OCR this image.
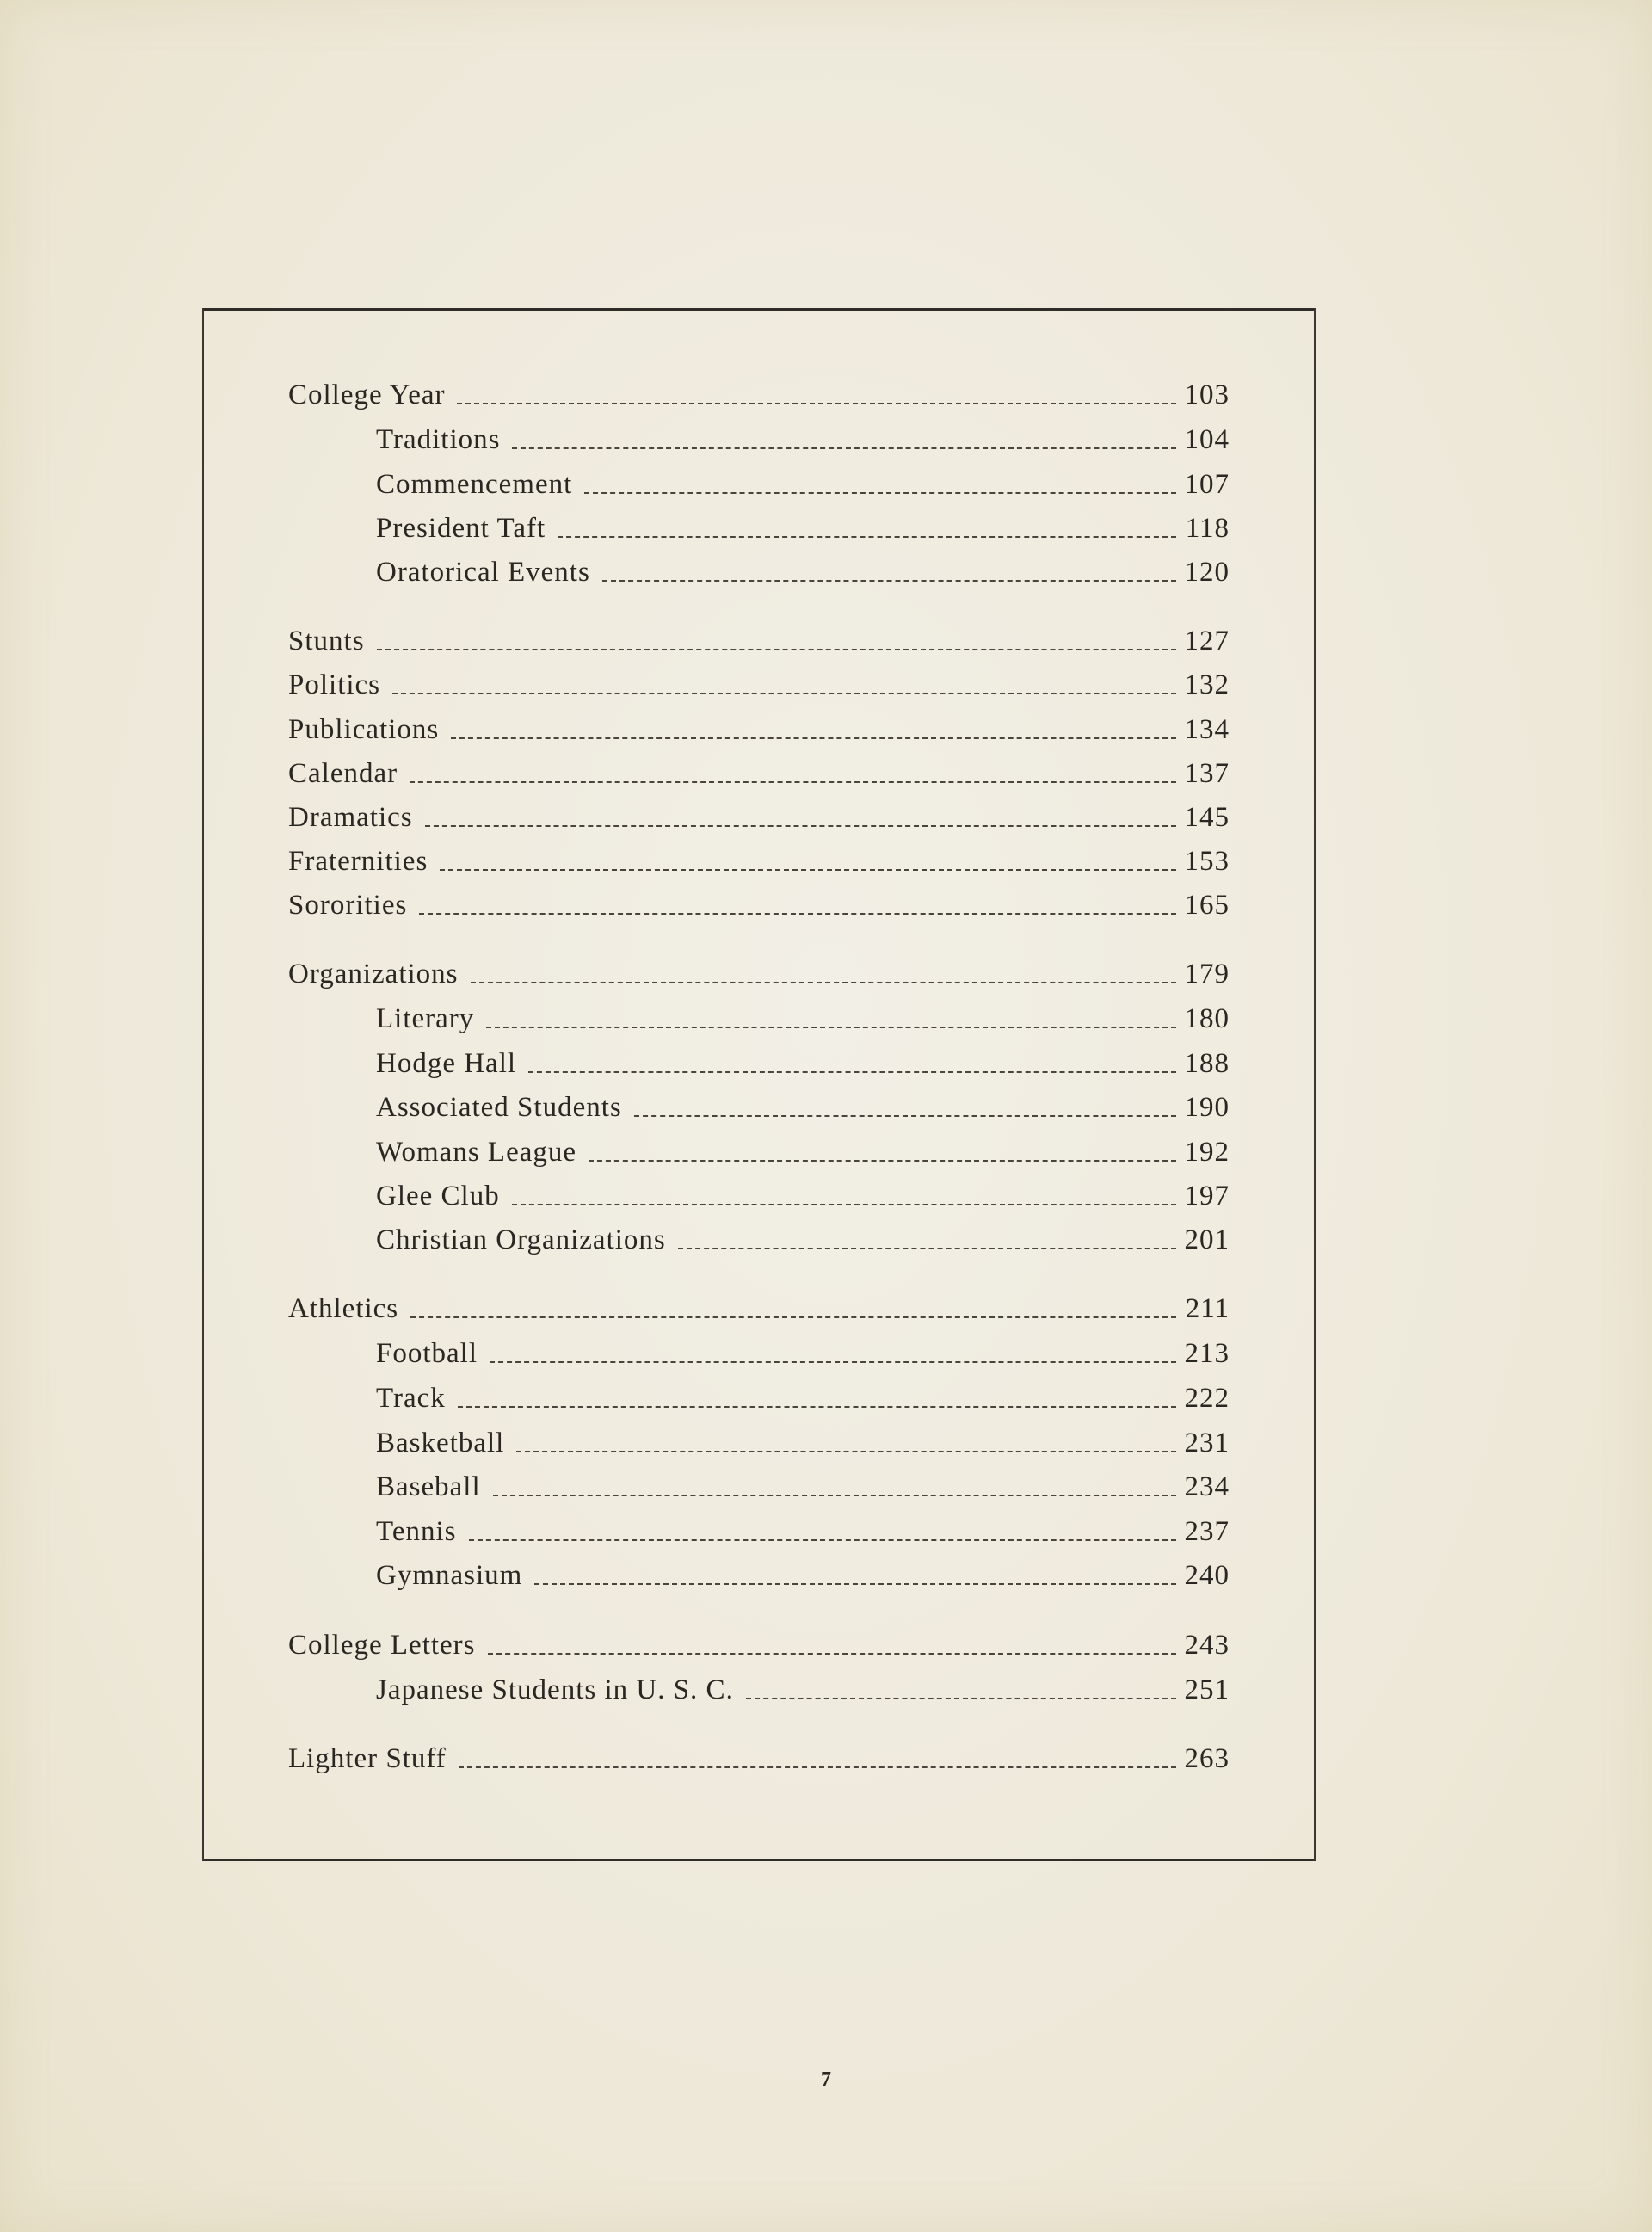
College Year	103
Traditions	104
Commencement	107
President Taft	118
Oratorical Events	120
Stunts	127
Politics	132
Publications	134
Calendar	137
Dramatics	145
Fraternities	153
Sororities	165
Organizations	179
Literary	180
Hodge Hall	188
Associated Students	190
Womans League	192
Glee Club	197
Christian Organizations	201
Athletics	211
Football	213
Track	222
Basketball	231
Baseball	234
Tennis	237
Gymnasium	240
College Letters	243
Japanese Students in U. S. C.	251
Lighter Stuff	263
7
